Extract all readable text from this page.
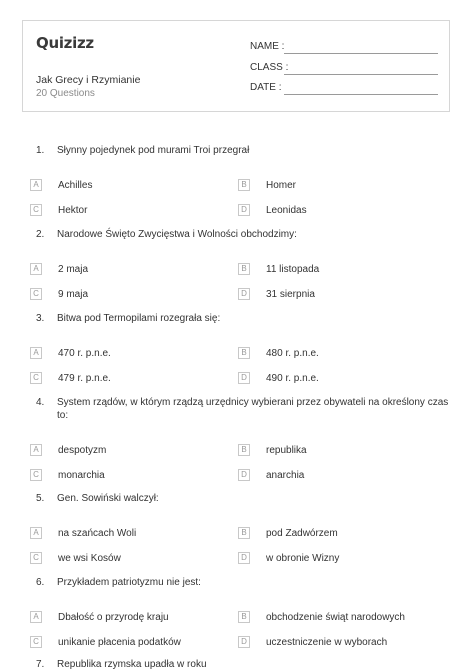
Quizizz
Jak Grecy i Rzymianie
20 Questions
NAME :
CLASS :
DATE :
1.	Słynny pojedynek pod murami Troi przegrał
A	Achilles	B	Homer
C	Hektor	D	Leonidas
2.	Narodowe Święto Zwycięstwa i Wolności obchodzimy:
A	2 maja	B	11 listopada
C	9 maja	D	31 sierpnia
3.	Bitwa pod Termopilami rozegrała się:
A	470 r. p.n.e.	B	480 r. p.n.e.
C	479 r. p.n.e.	D	490 r. p.n.e.
4.	System rządów, w którym rządzą urzędnicy wybierani przez obywateli na określony czas to:
A	despotyzm	B	republika
C	monarchia	D	anarchia
5.	Gen. Sowiński walczył:
A	na szańcach Woli	B	pod Zadwórzem
C	we wsi Kosów	D	w obronie Wizny
6.	Przykładem patriotyzmu nie jest:
A	Dbałość o przyrodę kraju	B	obchodzenie świąt narodowych
C	unikanie płacenia podatków	D	uczestniczenie w wyborach
7.	Republika rzymska upadła w roku
